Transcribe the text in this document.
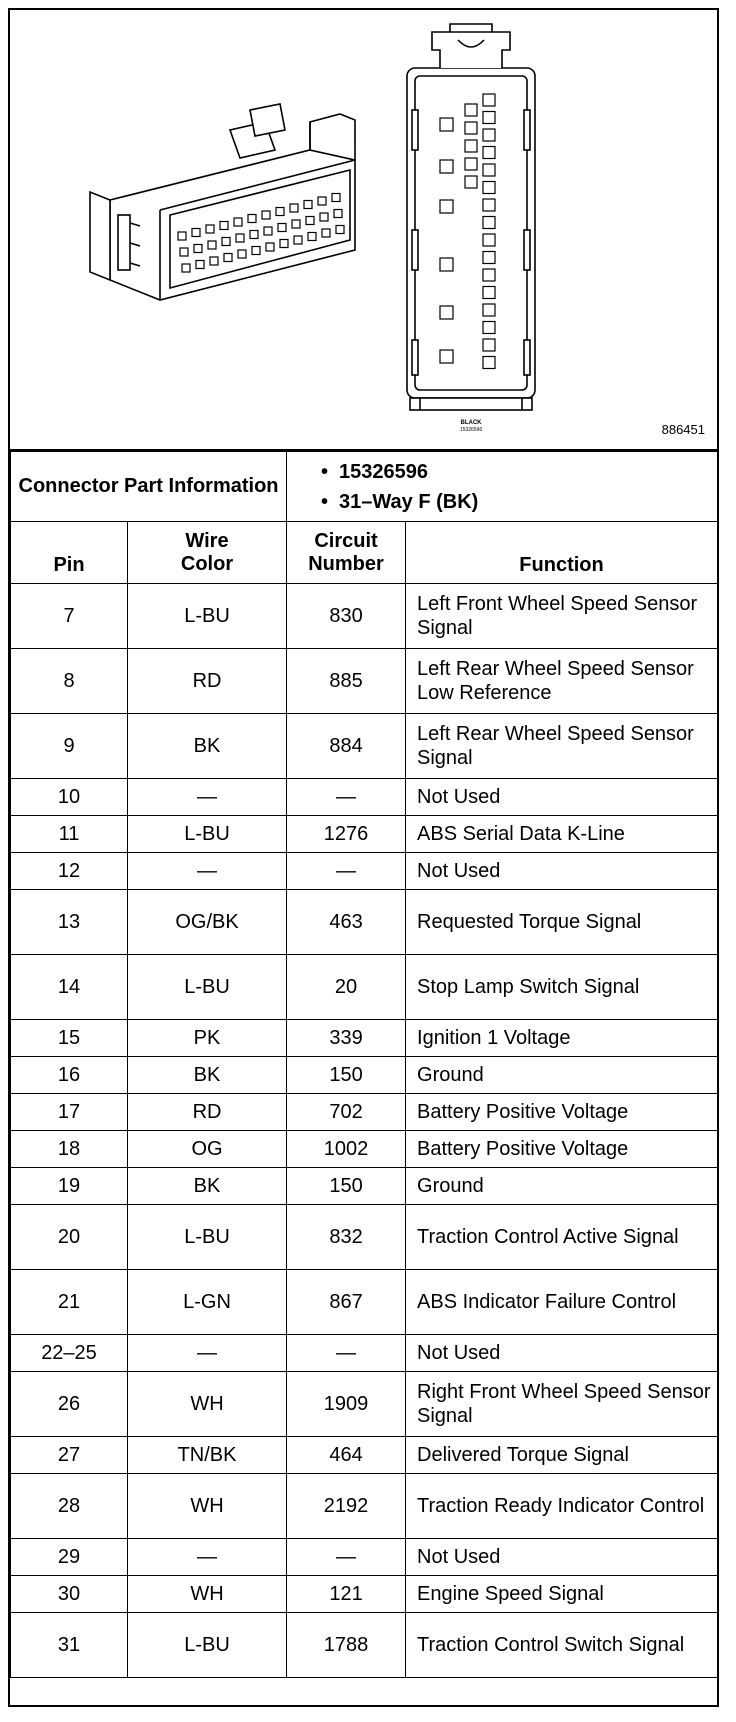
BLACK
15326596	886451
Connector Part Information		• 15326596
• 31–Way F (BK)	

Pin	Wire Color	Circuit Number	Function
7	L-BU	830	Left Front Wheel Speed Sensor Signal
8	RD	885	Left Rear Wheel Speed Sensor Low Reference
9	BK	884	Left Rear Wheel Speed Sensor Signal
10	—	—	Not Used
11	L-BU	1276	ABS Serial Data K-Line
12	—	—	Not Used
13	OG/BK	463	Requested Torque Signal
14	L-BU	20	Stop Lamp Switch Signal
15	PK	339	Ignition 1 Voltage
16	BK	150	Ground
17	RD	702	Battery Positive Voltage
18	OG	1002	Battery Positive Voltage
19	BK	150	Ground
20	L-BU	832	Traction Control Active Signal
21	L-GN	867	ABS Indicator Failure Control
22–25	—	—	Not Used
26	WH	1909	Right Front Wheel Speed Sensor Signal
27	TN/BK	464	Delivered Torque Signal
28	WH	2192	Traction Ready Indicator Control
29	—	—	Not Used
30	WH	121	Engine Speed Signal
31	L-BU	1788	Traction Control Switch Signal
